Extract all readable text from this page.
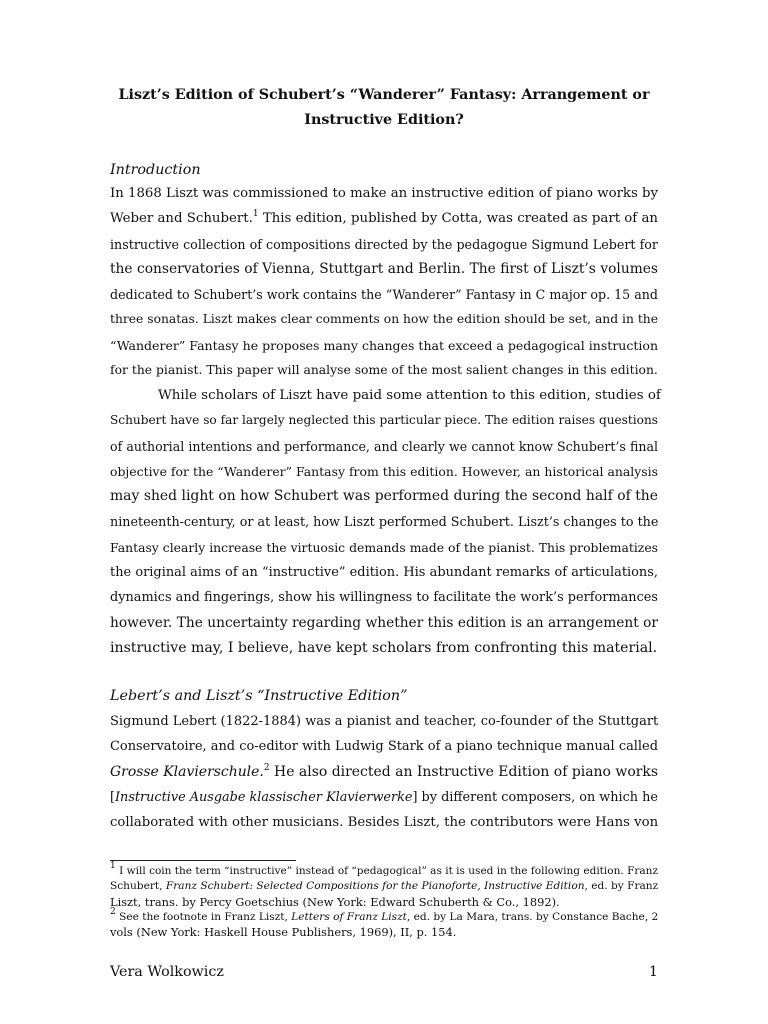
Liszt’s Edition of Schubert’s “Wanderer” Fantasy: Arrangement or

Instructive Edition?

Introduction

In 1868 Liszt was commissioned to make an instructive edition of piano works by
Weber and Schubert.$^1$ This edition, published by Cotta, was created as part of an
instructive collection of compositions directed by the pedagogue Sigmund Lebert for
the conservatories of Vienna, Stuttgart and Berlin. The first of Liszt’s volumes
dedicated to Schubert’s work contains the “Wanderer” Fantasy in C major op. 15 and
three sonatas. Liszt makes clear comments on how the edition should be set, and in the
“Wanderer” Fantasy he proposes many changes that exceed a pedagogical instruction
for the pianist. This paper will analyse some of the most salient changes in this edition.
While scholars of Liszt have paid some attention to this edition, studies of
Schubert have so far largely neglected this particular piece. The edition raises questions
of authorial intentions and performance, and clearly we cannot know Schubert’s final
objective for the “Wanderer” Fantasy from this edition. However, an historical analysis
may shed light on how Schubert was performed during the second half of the
nineteenth-century, or at least, how Liszt performed Schubert. Liszt’s changes to the
Fantasy clearly increase the virtuosic demands made of the pianist. This problematizes
the original aims of an “instructive” edition. His abundant remarks of articulations,
dynamics and fingerings, show his willingness to facilitate the work’s performances
however. The uncertainty regarding whether this edition is an arrangement or
instructive may, I believe, have kept scholars from confronting this material.

Lebert’s and Liszt’s “Instructive Edition”

Sigmund Lebert (1822-1884) was a pianist and teacher, co-founder of the Stuttgart
Conservatoire, and co-editor with Ludwig Stark of a piano technique manual called
Grosse Klavierschule.$^2$ He also directed an Instructive Edition of piano works
[Instructive Ausgabe klassischer Klavierwerke] by different composers, on which he
collaborated with other musicians. Besides Liszt, the contributors were Hans von
$^1$ I will coin the term “instructive” instead of “pedagogical” as it is used in the following edition. Franz
Schubert, Franz Schubert: Selected Compositions for the Pianoforte, Instructive Edition, ed. by Franz
Liszt, trans. by Percy Goetschius (New York: Edward Schuberth & Co., 1892).
$^2$ See the footnote in Franz Liszt, Letters of Franz Liszt, ed. by La Mara, trans. by Constance Bache, 2
vols (New York: Haskell House Publishers, 1969), II, p. 154.
Vera Wolkowicz	1
